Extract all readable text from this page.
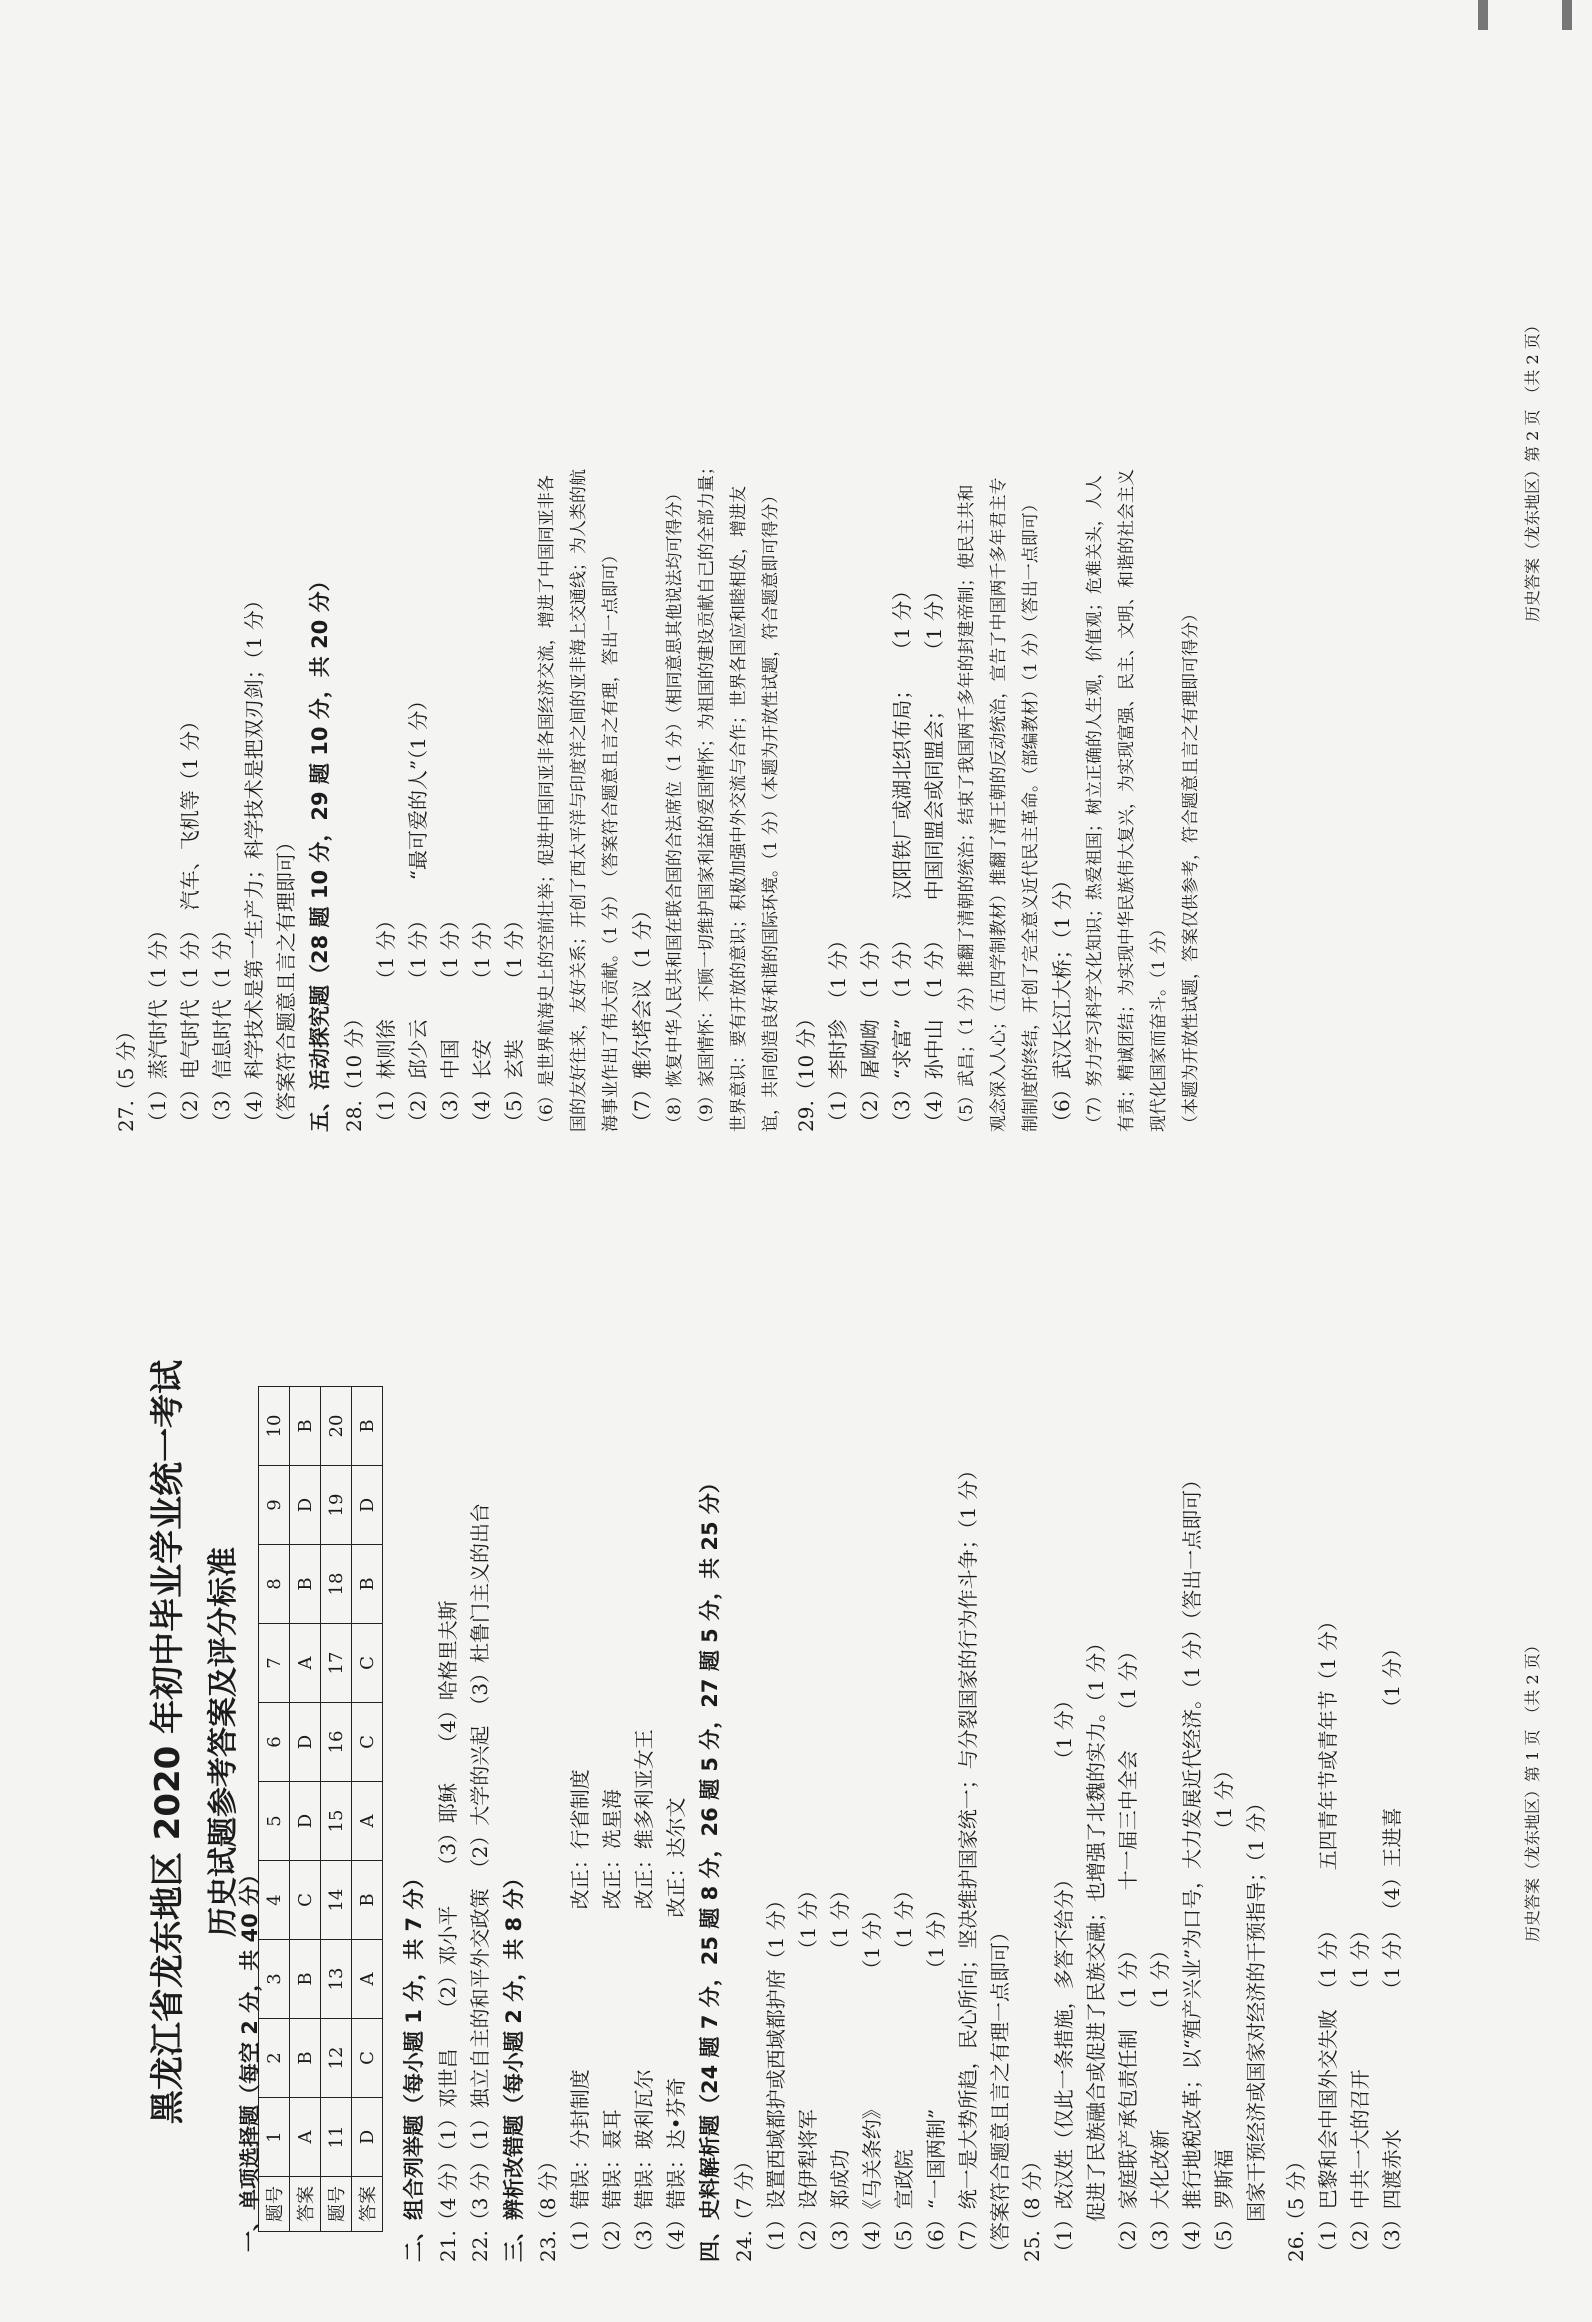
黑龙江省龙东地区 2020 年初中毕业学业统一考试 历史试题参考答案及评分标准
一、单项选择题（每空 2 分，共 40 分） 题号	1	2	3	4	5	6	7	8	9	10
答案	A	B	B	C	D	D	A	B	D	B
题号	11	12	13	14	15	16	17	18	19	20
答案	D	C	A	B	A	C	C	B	D	B
二、组合列举题（每小题 1 分，共 7 分） 21.（4 分）（1）邓世昌　　（2）邓小平　　（3）耶稣　　（4）哈格里夫斯 22.（3 分）（1）独立自主的和平外交政策　（2）大学的兴起　（3）杜鲁门主义的出台 三、辨析改错题（每小题 2 分，共 8 分） 23.（8 分） （1）错误：分封制度　　　　　　　　改正：行省制度 （2）错误：聂耳　　　　　　　　　　改正：冼星海 （3）错误：玻利瓦尔　　　　　　　　改正：维多利亚女王 （4）错误：达•芬奇　　　　　　　　改正：达尔文 四、史料解析题（24 题 7 分，25 题 8 分，26 题 5 分，27 题 5 分，共 25 分） 24.（7 分） （1）设置西域都护或西域都护府（1 分） （2）设伊犁将军　　　　　　　　（1 分） （3）郑成功　　　　　　　　　　（1 分） （4）《马关条约》　　　　　　　（1 分） （5）宣政院　　　　　　　　　　（1 分） （6）“一国两制”　　　　　　　（1 分） （7）统一是大势所趋，民心所向；坚决维护国家统一；与分裂国家的行为作斗争；（1 分） （答案符合题意且言之有理一点即可） 25.（8 分） （1）改汉姓（仅此一条措施，多答不给分）　　　　　　（1 分） 　　促进了民族融合或促进了民族交融；也增强了北魏的实力。（1 分） （2）家庭联产承包责任制　（1 分）　　　十一届三中全会　　（1 分） （3）大化改新　　　　　　（1 分） （4）推行地税改革；以“殖产兴业”为口号，大力发展近代经济。（1 分）（答出一点即可） （5）罗斯福　　　　　　　　　　　　　　　　（1 分） 　　国家干预经济或国家对经济的干预指导；（1 分） 26.（5 分） （1）巴黎和会中国外交失败　（1 分）　　　五四青年节或青年节（1 分） （2）中共一大的召开　　　　（1 分） （3）四渡赤水　　　　　　　（1 分）　（4）王进喜　　　　　（1 分）	历史答案（龙东地区）第 1 页　（共 2 页）
27.（5 分） （1）蒸汽时代（1 分） （2）电气时代（1 分）　汽车、飞机等（1 分） （3）信息时代（1 分） （4）科学技术是第一生产力；科学技术是把双刃剑；（1 分） （答案符合题意且言之有理即可） 五、活动探究题（28 题 10 分，29 题 10 分，共 20 分） 28.（10 分） （1）林则徐　　（1 分） （2）邱少云　　（1 分）　　“最可爱的人”（1 分） （3）中国　　　（1 分） （4）长安　　　（1 分） （5）玄奘　　　（1 分） （6）是世界航海史上的空前壮举；促进中国同亚非各国经济交流，增进了中国同亚非各 国的友好往来，友好关系；开创了西太平洋与印度洋之间的亚非海上交通线；为人类的航 海事业作出了伟大贡献。（1 分）　（答案符合题意且言之有理，答出一点即可） （7）雅尔塔会议（1 分） （8）恢复中华人民共和国在联合国的合法席位（1 分）（相同意思其他说法均可得分） （9）家国情怀：不顾一切维护国家利益的爱国情怀；为祖国的建设贡献自己的全部力量； 世界意识：要有开放的意识；积极加强中外交流与合作；世界各国应和睦相处，增进友 谊，共同创造良好和谐的国际环境。（1 分）（本题为开放性试题，符合题意即可得分） 29.（10 分） （1）李时珍　（1 分） （2）屠呦呦　（1 分） （3）“求富”　（1 分）　　汉阳铁厂或湖北织布局；　　（1 分） （4）孙中山　（1 分）　　中国同盟会或同盟会；　　　（1 分） （5）武昌；（1 分）推翻了清朝的统治；结束了我国两千多年的封建帝制；使民主共和 观念深入人心；（五四学制教材）推翻了清王朝的反动统治，宣告了中国两千多年君主专 制制度的终结，开创了完全意义近代民主革命。（部编教材）（1 分）（答出一点即可） （6）武汉长江大桥；（1 分） （7）努力学习科学文化知识；热爱祖国；树立正确的人生观，价值观；危难关头，人人 有责；精诚团结；为实现中华民族伟大复兴，为实现富强、民主、文明、和谐的社会主义 现代化国家而奋斗。（1 分） （本题为开放性试题，答案仅供参考，符合题意且言之有理即可得分）
历史答案（龙东地区）第 2 页　（共 2 页）
